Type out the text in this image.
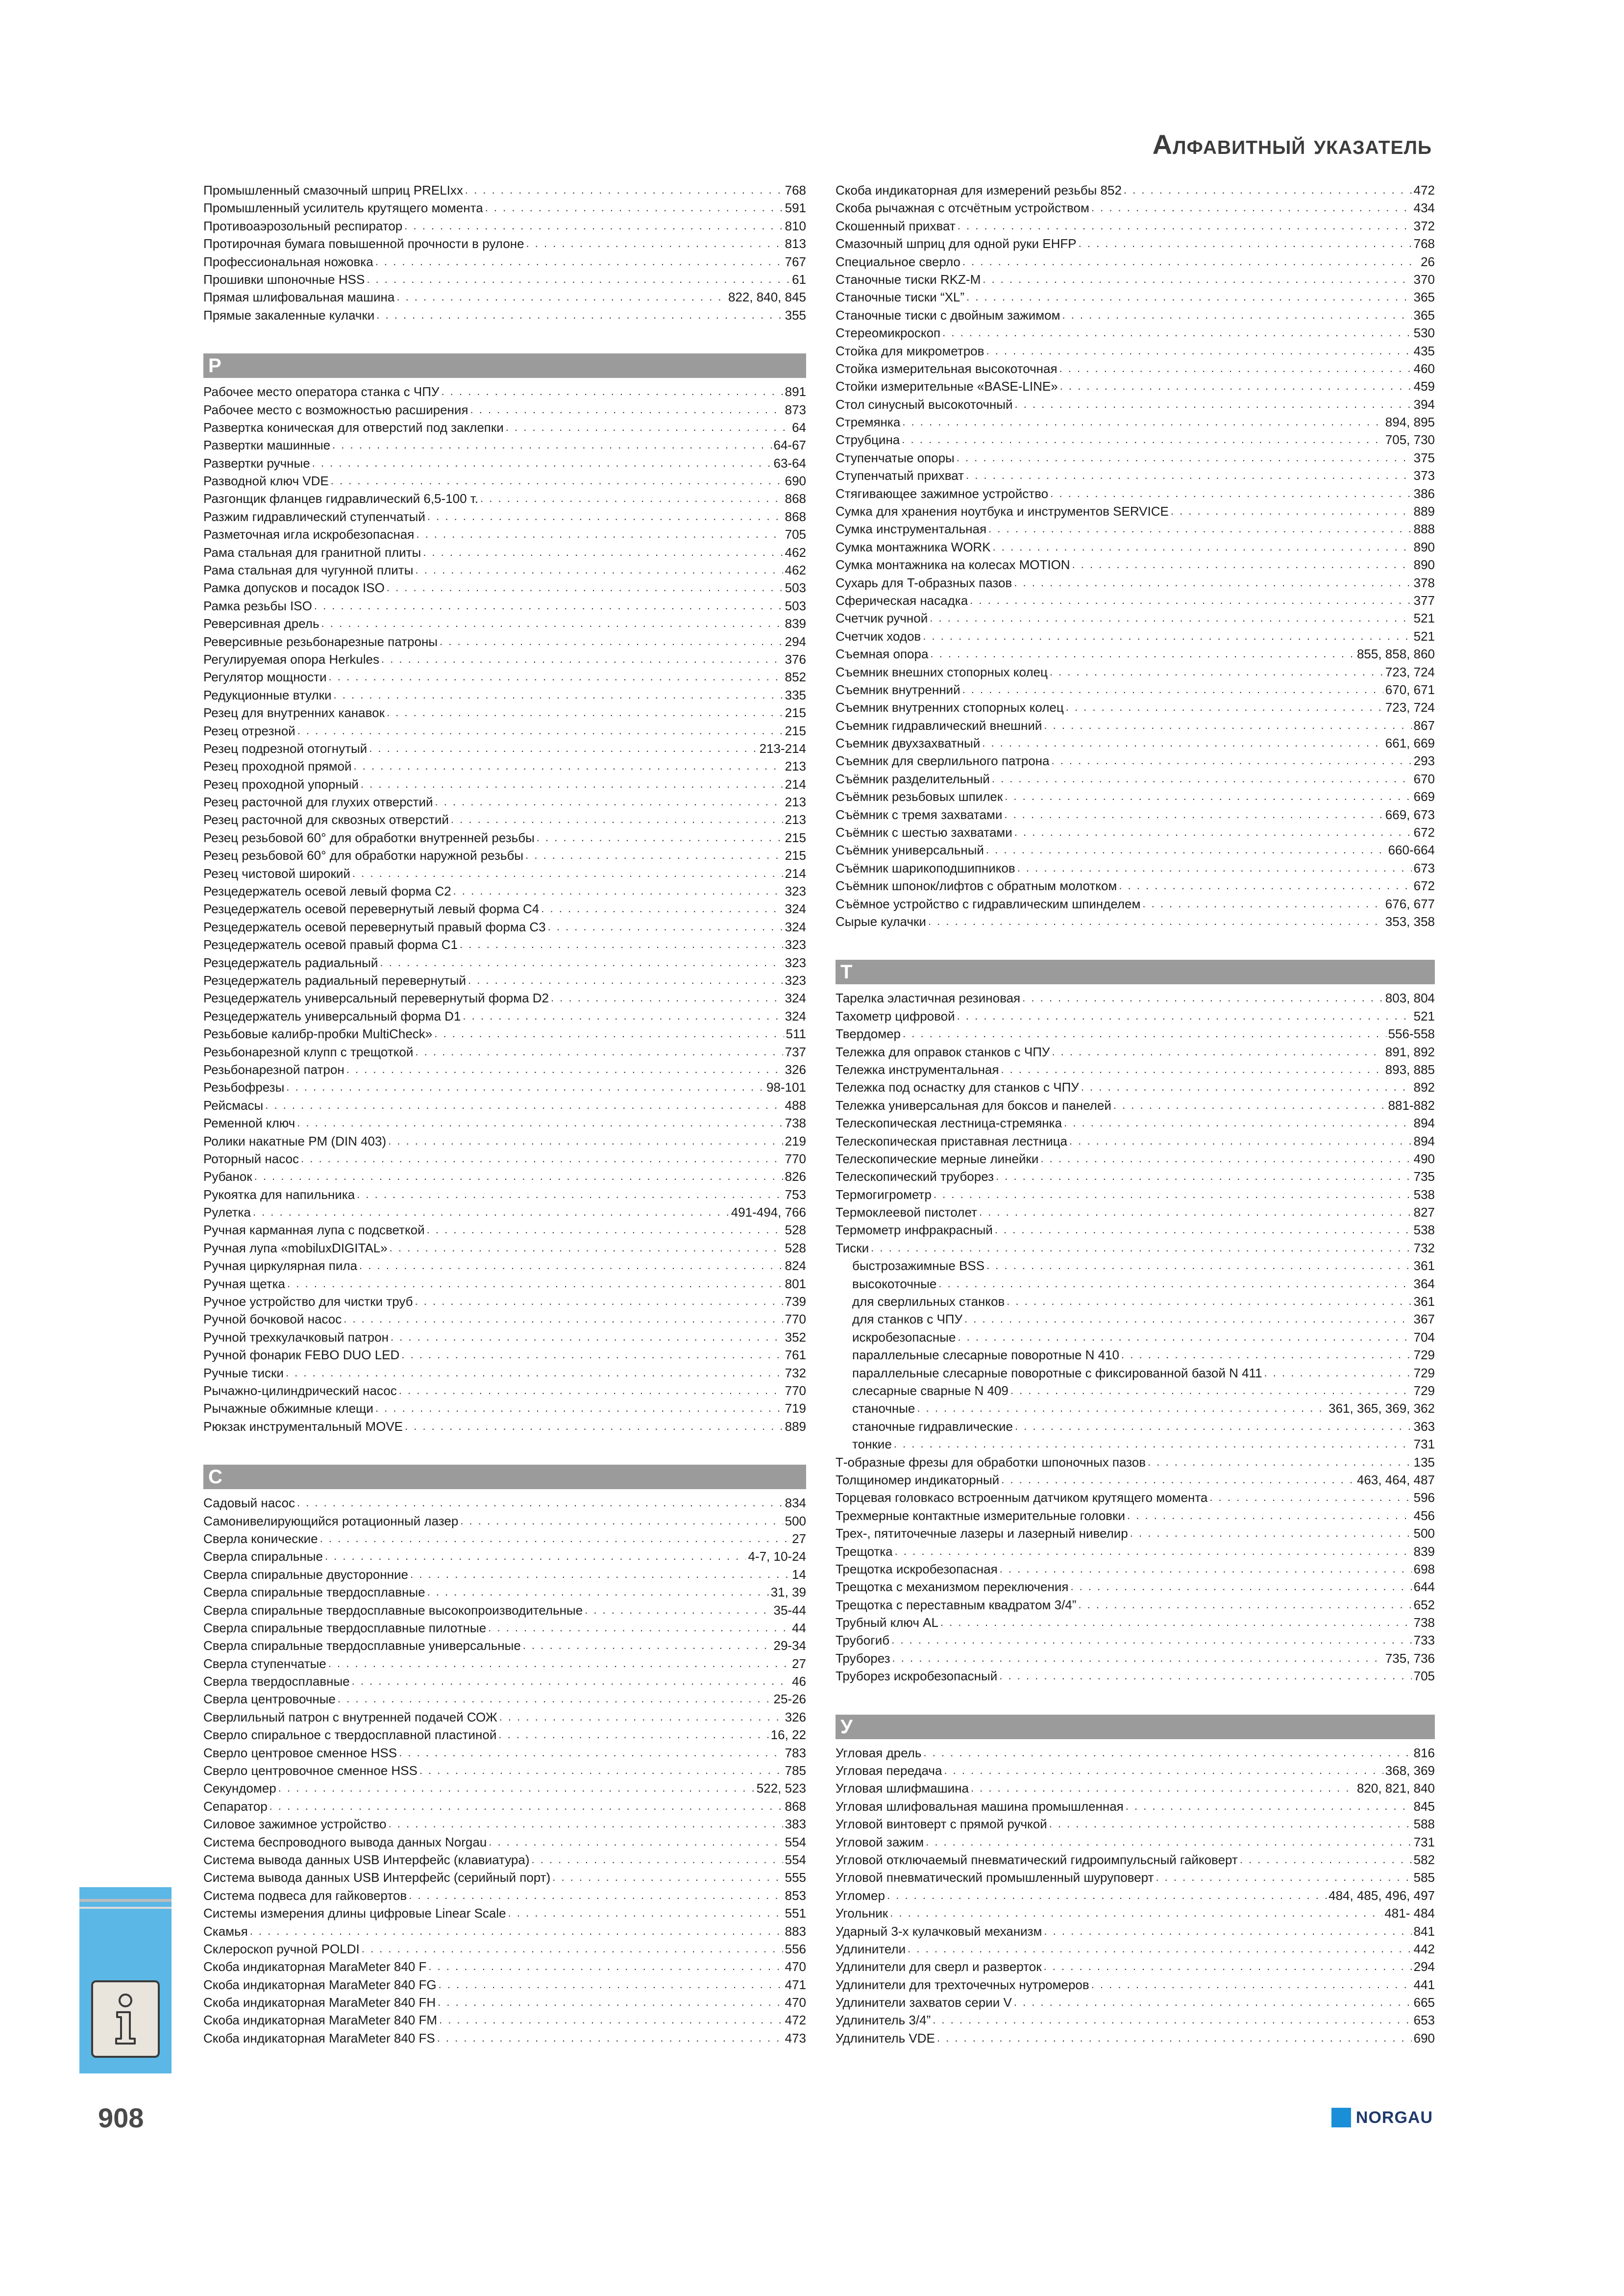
Алфавитный указатель
Промышленный смазочный шприц PRELIxx . . .	768
Промышленный усилитель крутящего момента . . .	591
Противоаэрозольный респиратор . . .	810
Протирочная бумага повышенной прочности в рулоне . . .	813
Профессиональная ножовка . . .	767
Прошивки шпоночные HSS . . .	61
Прямая шлифовальная машина . . .	822, 840, 845
Прямые закаленные кулачки . . .	355
Р
Рабочее место оператора станка с ЧПУ . . .	891
Рабочее место с возможностью расширения . . .	873
Развертка коническая для отверстий под заклепки . . .	64
Развертки машинные . . .	64-67
Развертки ручные . . .	63-64
Разводной ключ VDE . . .	690
Разгонщик фланцев гидравлический 6,5-100 т. . . .	868
Разжим гидравлический ступенчатый . . .	868
Разметочная игла искробезопасная . . .	705
Рама стальная для гранитной плиты . . .	462
Рама стальная для чугунной плиты . . .	462
Рамка допусков и посадок ISO . . .	503
Рамка резьбы ISO . . .	503
Реверсивная дрель . . .	839
Реверсивные резьбонарезные патроны . . .	294
Регулируемая опора Herkules . . .	376
Регулятор мощности . . .	852
Редукционные втулки . . .	335
Резец для внутренних канавок . . .	215
Резец отрезной . . .	215
Резец подрезной отогнутый . . .	213-214
Резец проходной прямой . . .	213
Резец проходной упорный . . .	214
Резец расточной для глухих отверстий . . .	213
Резец расточной для сквозных отверстий . . .	213
Резец резьбовой 60° для обработки внутренней резьбы . . .	215
Резец резьбовой 60° для обработки наружной резьбы . . .	215
Резец чистовой широкий . . .	214
Резцедержатель осевой левый форма C2 . . .	323
Резцедержатель осевой перевернутый левый форма C4 . . .	324
Резцедержатель осевой перевернутый правый форма C3 . . .	324
Резцедержатель осевой правый форма C1 . . .	323
Резцедержатель радиальный . . .	323
Резцедержатель радиальный перевернутый . . .	323
Резцедержатель универсальный перевернутый форма D2 . . .	324
Резцедержатель универсальный форма D1 . . .	324
Резьбовые калибр-пробки MultiCheck» . . .	511
Резьбонарезной клупп с трещоткой . . .	737
Резьбонарезной патрон . . .	326
Резьбофрезы . . .	98-101
Рейсмасы . . .	488
Ременной ключ . . .	738
Ролики накатные PM (DIN 403) . . .	219
Роторный насос . . .	770
Рубанок . . .	826
Рукоятка для напильника . . .	753
Рулетка . . .	491-494, 766
Ручная карманная лупа с подсветкой . . .	528
Ручная лупа «mobiluxDIGITAL» . . .	528
Ручная циркулярная пила . . .	824
Ручная щетка . . .	801
Ручное устройство для чистки труб . . .	739
Ручной бочковой насос . . .	770
Ручной трехкулачковый патрон . . .	352
Ручной фонарик FEBO DUO LED . . .	761
Ручные тиски . . .	732
Рычажно-цилиндрический насос . . .	770
Рычажные обжимные клещи . . .	719
Рюкзак инструментальный MOVE . . .	889
С
Садовый насос . . .	834
Самонивелирующийся ротационный лазер . . .	500
Сверла конические . . .	27
Сверла спиральные . . .	4-7, 10-24
Сверла спиральные двусторонние . . .	14
Сверла спиральные твердосплавные . . .	31, 39
Сверла спиральные твердосплавные высокопроизводительные . . .	35-44
Сверла спиральные твердосплавные пилотные . . .	44
Сверла спиральные твердосплавные универсальные . . .	29-34
Сверла ступенчатые . . .	27
Сверла твердосплавные . . .	46
Сверла центровочные . . .	25-26
Сверлильный патрон с внутренней подачей СОЖ . . .	326
Сверло спиральное с твердосплавной пластиной . . .	16, 22
Сверло центровое сменное HSS . . .	783
Сверло центровочное сменное HSS . . .	785
Секундомер . . .	522, 523
Сепаратор . . .	868
Силовое зажимное устройство . . .	383
Система беспроводного вывода данных Norgau . . .	554
Система вывода данных USB Интерфейс (клавиатура) . . .	554
Система вывода данных USB Интерфейс (серийный порт) . . .	555
Система подвеса для гайковертов . . .	853
Системы измерения длины цифровые Linear Scale . . .	551
Скамья . . .	883
Склероскоп ручной POLDI . . .	556
Скоба индикаторная MaraMeter 840 F . . .	470
Скоба индикаторная MaraMeter 840 FG . . .	471
Скоба индикаторная MaraMeter 840 FH . . .	470
Скоба индикаторная MaraMeter 840 FM . . .	472
Скоба индикаторная MaraMeter 840 FS . . .	473
Скоба индикаторная для измерений резьбы 852 . . .	472
Скоба рычажная с отсчётным устройством . . .	434
Скошенный прихват . . .	372
Смазочный шприц для одной руки EHFP . . .	768
Специальное сверло . . .	26
Станочные тиски RKZ-M . . .	370
Станочные тиски “XL” . . .	365
Станочные тиски с двойным зажимом . . .	365
Стереомикроскоп . . .	530
Стойка для микрометров . . .	435
Стойка измерительная высокоточная . . .	460
Стойки измерительные «BASE-LINE» . . .	459
Стол синусный высокоточный . . .	394
Стремянка . . .	894, 895
Струбцина . . .	705, 730
Ступенчатые опоры . . .	375
Ступенчатый прихват . . .	373
Стягивающее зажимное устройство . . .	386
Сумка для хранения ноутбука и инструментов SERVICE . . .	889
Сумка инструментальная . . .	888
Сумка монтажника WORK . . .	890
Сумка монтажника на колесах MOTION . . .	890
Сухарь для T-образных пазов . . .	378
Сферическая насадка . . .	377
Счетчик ручной . . .	521
Счетчик ходов . . .	521
Съемная опора . . .	855, 858, 860
Съемник внешних стопорных колец . . .	723, 724
Съемник внутренний . . .	670, 671
Съемник внутренних стопорных колец . . .	723, 724
Съемник гидравлический внешний . . .	867
Съемник двухзахватный . . .	661, 669
Съемник для сверлильного патрона . . .	293
Съёмник разделительный . . .	670
Съёмник резьбовых шпилек . . .	669
Съёмник с тремя захватами . . .	669, 673
Съёмник с шестью захватами . . .	672
Съёмник универсальный . . .	660-664
Съёмник шарикоподшипников . . .	673
Съёмник шпонок/лифтов с обратным молотком . . .	672
Съёмное устройство с гидравлическим шпинделем . . .	676, 677
Сырые кулачки . . .	353, 358
Т
Тарелка эластичная резиновая . . .	803, 804
Тахометр цифровой . . .	521
Твердомер . . .	556-558
Тележка для оправок станков с ЧПУ . . .	891, 892
Тележка инструментальная . . .	893, 885
Тележка под оснастку для станков с ЧПУ . . .	892
Тележка универсальная для боксов и панелей . . .	881-882
Телескопическая лестница-стремянка . . .	894
Телескопическая приставная лестница . . .	894
Телескопические мерные линейки . . .	490
Телескопический труборез . . .	735
Термогигрометр . . .	538
Термоклеевой пистолет . . .	827
Термометр инфракрасный . . .	538
Тиски . . .	732
быстрозажимные BSS . . .	361
высокоточные . . .	364
для сверлильных станков . . .	361
для станков с ЧПУ . . .	367
искробезопасные . . .	704
параллельные слесарные поворотные N 410 . . .	729
параллельные слесарные поворотные с фиксированной базой N 411 . . .	729
слесарные сварные N 409 . . .	729
станочные . . .	361, 365, 369, 362
станочные гидравлические . . .	363
тонкие . . .	731
Т-образные фрезы для обработки шпоночных пазов . . .	135
Толщиномер индикаторный . . .	463, 464, 487
Торцевая головкасо встроенным датчиком крутящего момента . . .	596
Трехмерные контактные измерительные головки . . .	456
Трех-, пятиточечные лазеры и лазерный нивелир . . .	500
Трещотка . . .	839
Трещотка искробезопасная . . .	698
Трещотка с механизмом переключения . . .	644
Трещотка с переставным квадратом 3/4” . . .	652
Трубный ключ AL . . .	738
Трубогиб . . .	733
Труборез . . .	735, 736
Труборез искробезопасный . . .	705
У
Угловая дрель . . .	816
Угловая передача . . .	368, 369
Угловая шлифмашина . . .	820, 821, 840
Угловая шлифовальная машина промышленная . . .	845
Угловой винтоверт с прямой ручкой . . .	588
Угловой зажим . . .	731
Угловой отключаемый пневматический гидроимпульсный гайковерт . . .	582
Угловой пневматический промышленный шуруповерт . . .	585
Угломер . . .	484, 485, 496, 497
Угольник . . .	481- 484
Ударный 3-х кулачковый механизм . . .	841
Удлинители . . .	442
Удлинители для сверл и разверток . . .	294
Удлинители для трехточечных нутромеров . . .	441
Удлинители захватов серии V . . .	665
Удлинитель 3/4” . . .	653
Удлинитель VDE . . .	690
908	NORGAU
